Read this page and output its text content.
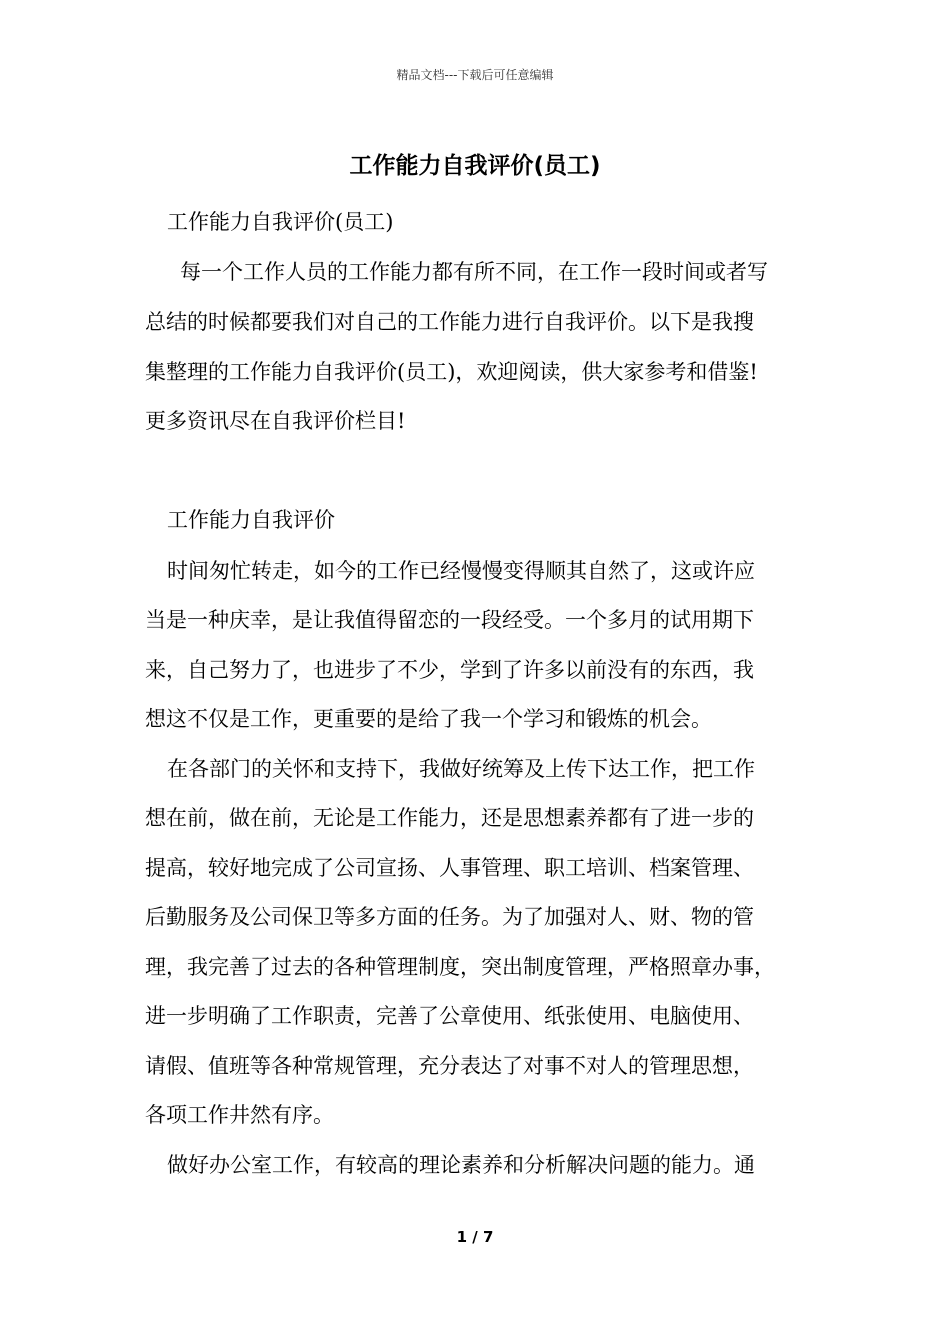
精品文档---下载后可任意编辑
工作能力自我评价(员工)
工作能力自我评价(员工)
每一个工作人员的工作能力都有所不同，在工作一段时间或者写
总结的时候都要我们对自己的工作能力进行自我评价。以下是我搜
集整理的工作能力自我评价(员工)，欢迎阅读，供大家参考和借鉴!
更多资讯尽在自我评价栏目!
工作能力自我评价
时间匆忙转走，如今的工作已经慢慢变得顺其自然了，这或许应
当是一种庆幸，是让我值得留恋的一段经受。一个多月的试用期下
来，自己努力了，也进步了不少，学到了许多以前没有的东西，我
想这不仅是工作，更重要的是给了我一个学习和锻炼的机会。
在各部门的关怀和支持下，我做好统筹及上传下达工作，把工作
想在前，做在前，无论是工作能力，还是思想素养都有了进一步的
提高，较好地完成了公司宣扬、人事管理、职工培训、档案管理、
后勤服务及公司保卫等多方面的任务。为了加强对人、财、物的管
理，我完善了过去的各种管理制度，突出制度管理，严格照章办事，
进一步明确了工作职责，完善了公章使用、纸张使用、电脑使用、
请假、值班等各种常规管理，充分表达了对事不对人的管理思想，
各项工作井然有序。
做好办公室工作，有较高的理论素养和分析解决问题的能力。通
1 / 7
